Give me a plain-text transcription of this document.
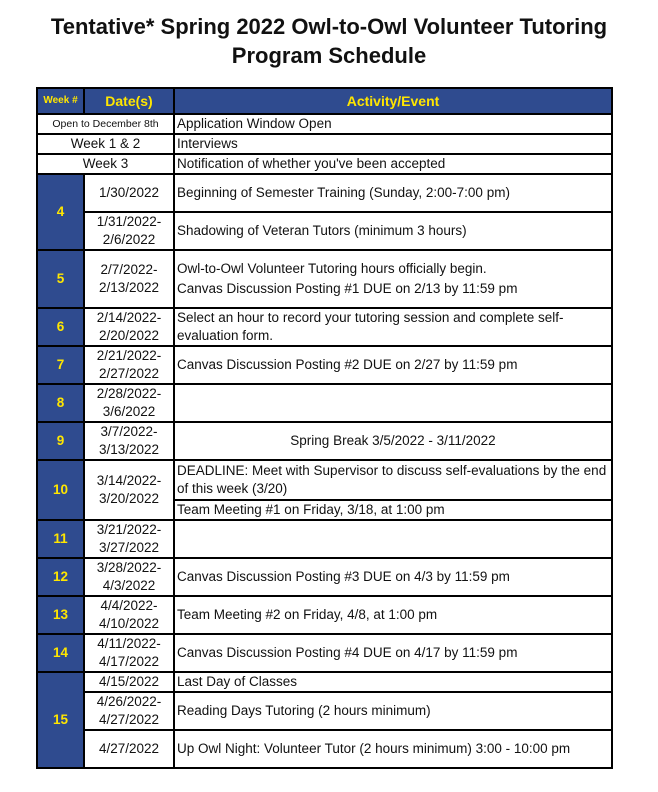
Tentative* Spring 2022 Owl-to-Owl Volunteer Tutoring
Program Schedule
Week #	Date(s)	Activity/Event
Open to December 8th		Application Window Open
Week 1 & 2		Interviews
Week 3		Notification of whether you've been accepted
4	1/30/2022	Beginning of Semester Training (Sunday, 2:00-7:00 pm)

	1/31/2022-
2/6/2022	Shadowing of Veteran Tutors (minimum 3 hours)
5	2/7/2022-
2/13/2022	Owl-to-Owl Volunteer Tutoring hours officially begin.
Canvas Discussion Posting #1 DUE on 2/13 by 11:59 pm

6	2/14/2022-
2/20/2022	Select an hour to record your tutoring session and complete self-evaluation form.
7	2/21/2022-
2/27/2022	Canvas Discussion Posting #2 DUE on 2/27 by 11:59 pm
8	2/28/2022-
3/6/2022	

9	3/7/2022-
3/13/2022	Spring Break 3/5/2022 - 3/11/2022
10	3/14/2022-
3/20/2022	DEADLINE: Meet with Supervisor to discuss self-evaluations by the end of this week (3/20)
		Team Meeting #1 on Friday, 3/18, at 1:00 pm
11	3/21/2022-
3/27/2022	

12	3/28/2022-
4/3/2022	Canvas Discussion Posting #3 DUE on 4/3 by 11:59 pm
13	4/4/2022-
4/10/2022	Team Meeting #2 on Friday, 4/8, at 1:00 pm
14	4/11/2022-
4/17/2022	Canvas Discussion Posting #4 DUE on 4/17 by 11:59 pm
15	4/15/2022	Last Day of Classes

	4/26/2022-
4/27/2022	Reading Days Tutoring (2 hours minimum)
	4/27/2022	Up Owl Night: Volunteer Tutor (2 hours minimum) 3:00 - 10:00 pm
